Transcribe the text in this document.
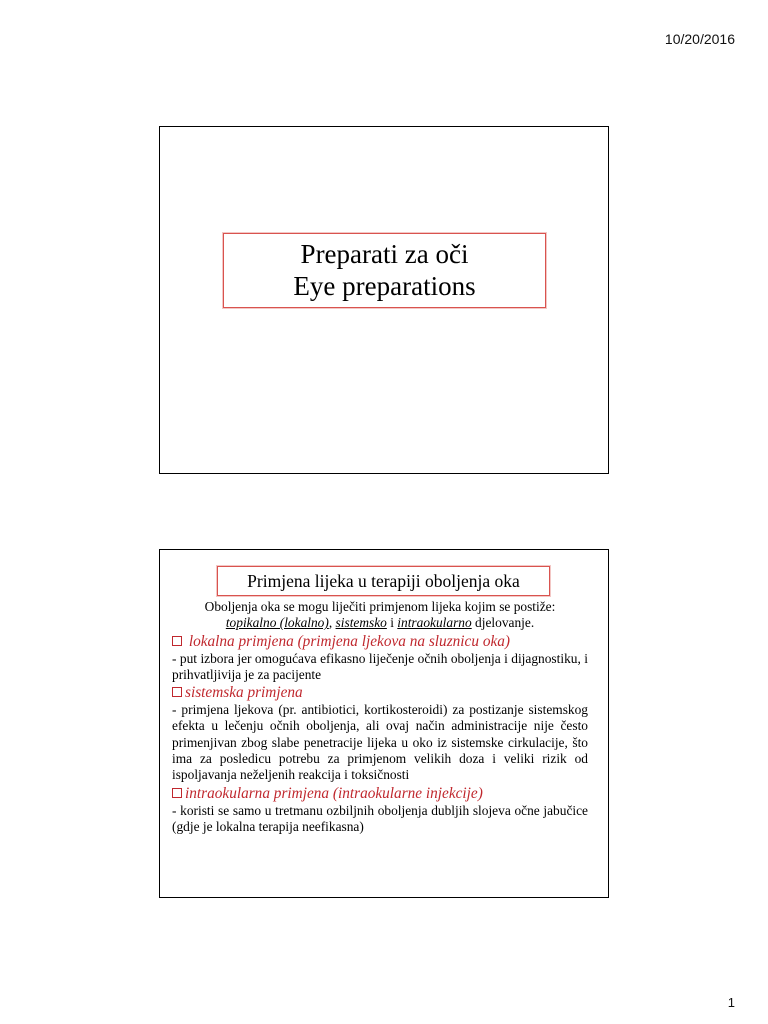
10/20/2016
Preparati za oči
Eye preparations
Primjena lijeka u terapiji oboljenja oka
Oboljenja oka se mogu liječiti primjenom lijeka kojim se postiže:
topikalno (lokalno), sistemsko i intraokularno djelovanje.
lokalna primjena (primjena ljekova na sluznicu oka)
- put izbora jer omogućava efikasno liječenje očnih oboljenja i dijagnostiku, i prihvatljivija je za pacijente
sistemska primjena
- primjena ljekova (pr. antibiotici, kortikosteroidi) za postizanje sistemskog efekta u lečenju očnih oboljenja, ali ovaj način administracije nije često primenjivan zbog slabe penetracije lijeka u oko iz sistemske cirkulacije, što ima za posledicu potrebu za primjenom velikih doza i veliki rizik od ispoljavanja neželjenih reakcija i toksičnosti
intraokularna primjena (intraokularne injekcije)
- koristi se samo u tretmanu ozbiljnih oboljenja dubljih slojeva očne jabučice (gdje je lokalna terapija neefikasna)
1
